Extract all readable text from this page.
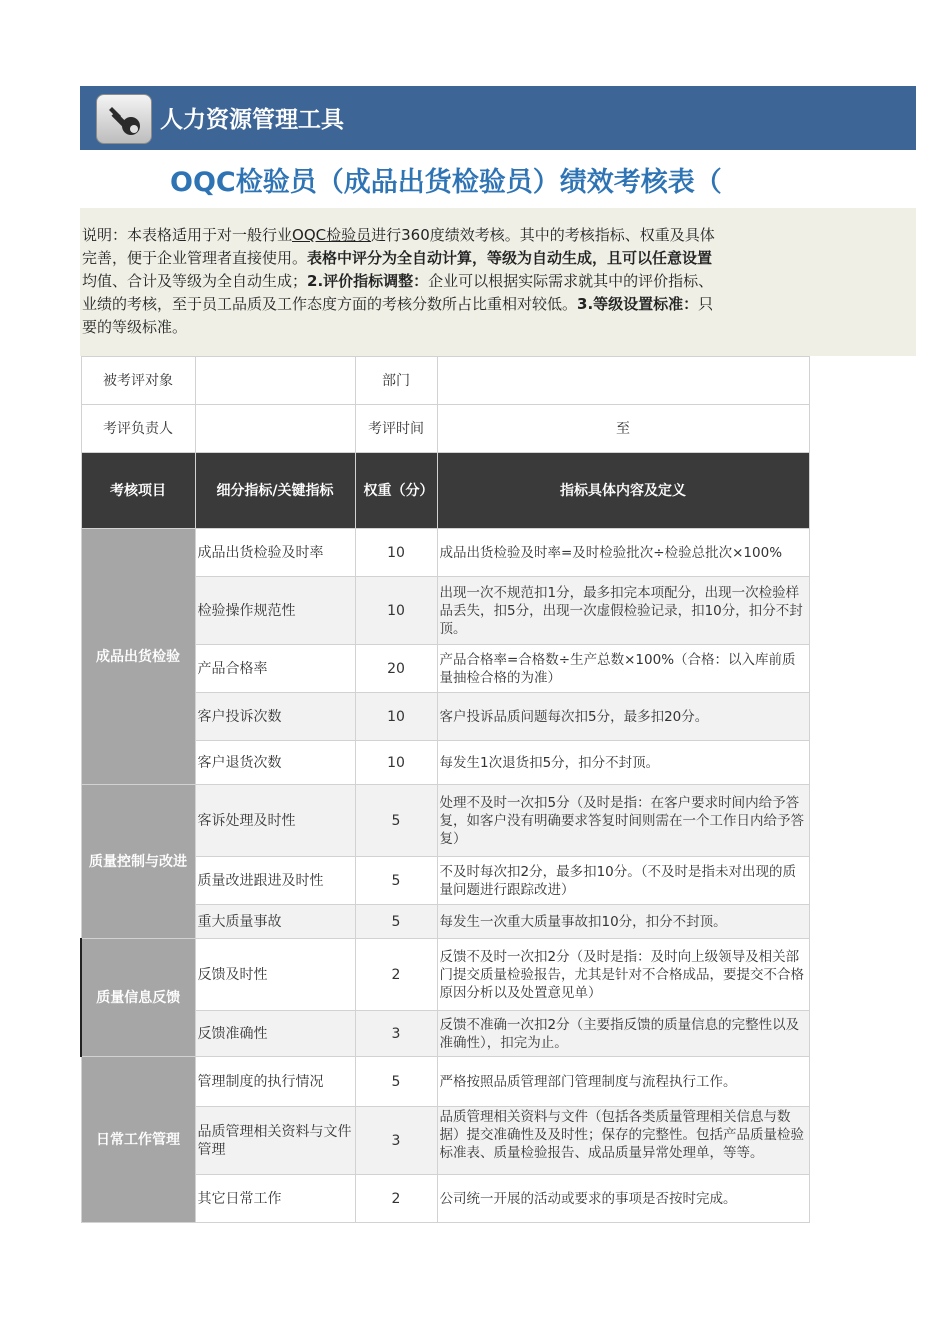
人力资源管理工具
OQC检验员（成品出货检验员）绩效考核表（
说明：本表格适用于对一般行业OQC检验员进行360度绩效考核。其中的考核指标、权重及具体
完善，便于企业管理者直接使用。表格中评分为全自动计算，等级为自动生成，且可以任意设置
均值、合计及等级为全自动生成；2.评价指标调整：企业可以根据实际需求就其中的评价指标、
业绩的考核，至于员工品质及工作态度方面的考核分数所占比重相对较低。3.等级设置标准：只
要的等级标准。
被考评对象		部门	
考评负责人		考评时间	至
考核项目	细分指标/关键指标	权重（分）	指标具体内容及定义
成品出货检验	成品出货检验及时率	10	成品出货检验及时率=及时检验批次÷检验总批次×100%
	检验操作规范性	10	出现一次不规范扣1分，最多扣完本项配分，出现一次检验样品丢失，扣5分，出现一次虚假检验记录，扣10分，扣分不封顶。
	产品合格率	20	产品合格率=合格数÷生产总数×100%（合格：以入库前质量抽检合格的为准）
	客户投诉次数	10	客户投诉品质问题每次扣5分，最多扣20分。
	客户退货次数	10	每发生1次退货扣5分，扣分不封顶。
质量控制与改进	客诉处理及时性	5	处理不及时一次扣5分（及时是指：在客户要求时间内给予答复，如客户没有明确要求答复时间则需在一个工作日内给予答复）
	质量改进跟进及时性	5	不及时每次扣2分，最多扣10分。（不及时是指未对出现的质量问题进行跟踪改进）
	重大质量事故	5	每发生一次重大质量事故扣10分，扣分不封顶。
质量信息反馈	反馈及时性	2	反馈不及时一次扣2分（及时是指：及时向上级领导及相关部门提交质量检验报告，尤其是针对不合格成品，要提交不合格原因分析以及处置意见单）
	反馈准确性	3	反馈不准确一次扣2分（主要指反馈的质量信息的完整性以及准确性），扣完为止。
日常工作管理	管理制度的执行情况	5	严格按照品质管理部门管理制度与流程执行工作。
	品质管理相关资料与文件管理	3	品质管理相关资料与文件（包括各类质量管理相关信息与数据）提交准确性及及时性；保存的完整性。包括产品质量检验标准表、质量检验报告、成品质量异常处理单，等等。

	其它日常工作	2	公司统一开展的活动或要求的事项是否按时完成。
